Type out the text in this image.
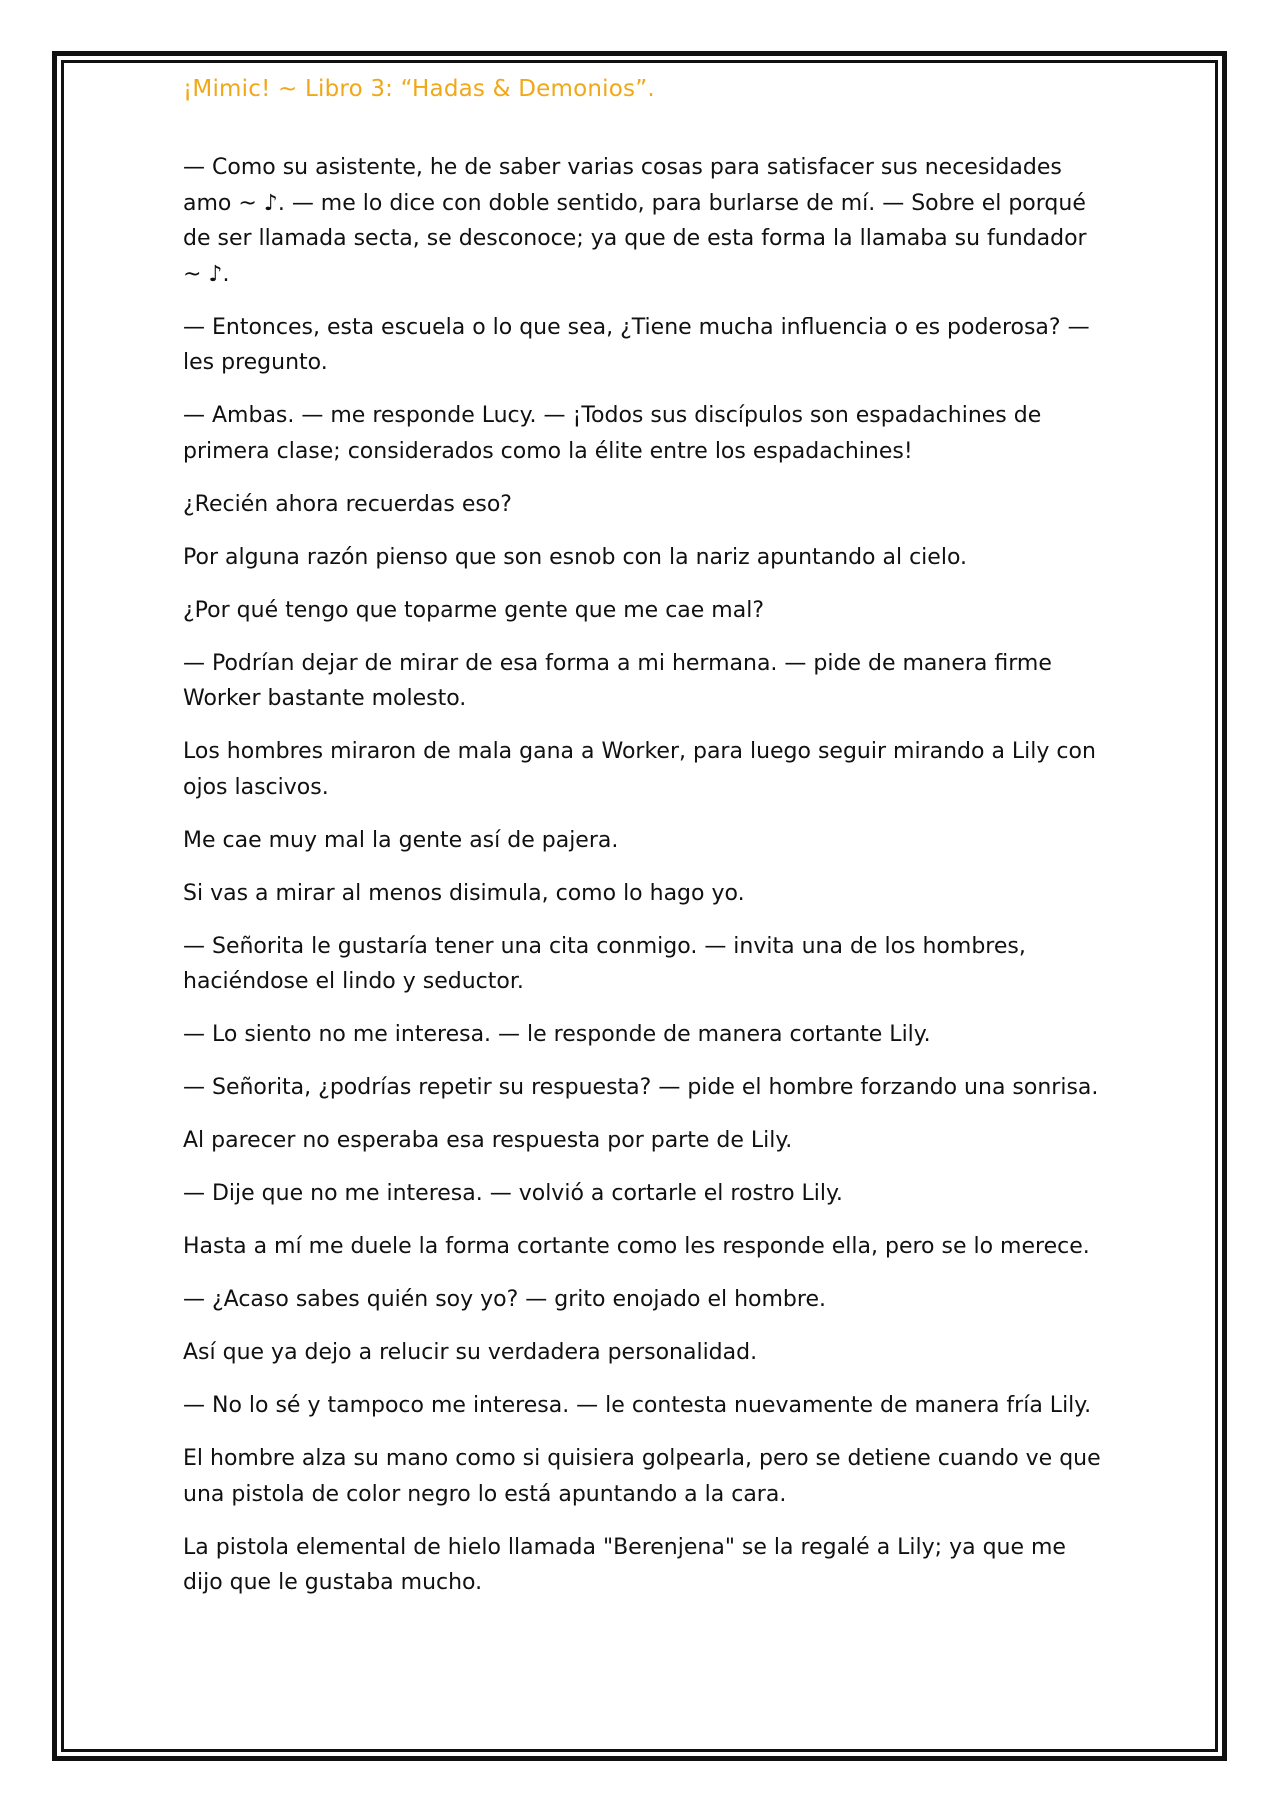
¡Mimic! ~ Libro 3: “Hadas & Demonios”.

— Como su asistente, he de saber varias cosas para satisfacer sus necesidades amo ~ ♪. — me lo dice con doble sentido, para burlarse de mí. — Sobre el porqué de ser llamada secta, se desconoce; ya que de esta forma la llamaba su fundador ~ ♪.

— Entonces, esta escuela o lo que sea, ¿Tiene mucha influencia o es poderosa? — les pregunto.

— Ambas. — me responde Lucy. — ¡Todos sus discípulos son espadachines de primera clase; considerados como la élite entre los espadachines!

¿Recién ahora recuerdas eso?

Por alguna razón pienso que son esnob con la nariz apuntando al cielo.

¿Por qué tengo que toparme gente que me cae mal?

— Podrían dejar de mirar de esa forma a mi hermana. — pide de manera firme Worker bastante molesto.

Los hombres miraron de mala gana a Worker, para luego seguir mirando a Lily con ojos lascivos.

Me cae muy mal la gente así de pajera.

Si vas a mirar al menos disimula, como lo hago yo.

— Señorita le gustaría tener una cita conmigo. — invita una de los hombres, haciéndose el lindo y seductor.

— Lo siento no me interesa. — le responde de manera cortante Lily.

— Señorita, ¿podrías repetir su respuesta? — pide el hombre forzando una sonrisa.

Al parecer no esperaba esa respuesta por parte de Lily.

— Dije que no me interesa. — volvió a cortarle el rostro Lily.

Hasta a mí me duele la forma cortante como les responde ella, pero se lo merece.

— ¿Acaso sabes quién soy yo? — grito enojado el hombre.

Así que ya dejo a relucir su verdadera personalidad.

— No lo sé y tampoco me interesa. — le contesta nuevamente de manera fría Lily.

El hombre alza su mano como si quisiera golpearla, pero se detiene cuando ve que una pistola de color negro lo está apuntando a la cara.

La pistola elemental de hielo llamada "Berenjena" se la regalé a Lily; ya que me dijo que le gustaba mucho.
